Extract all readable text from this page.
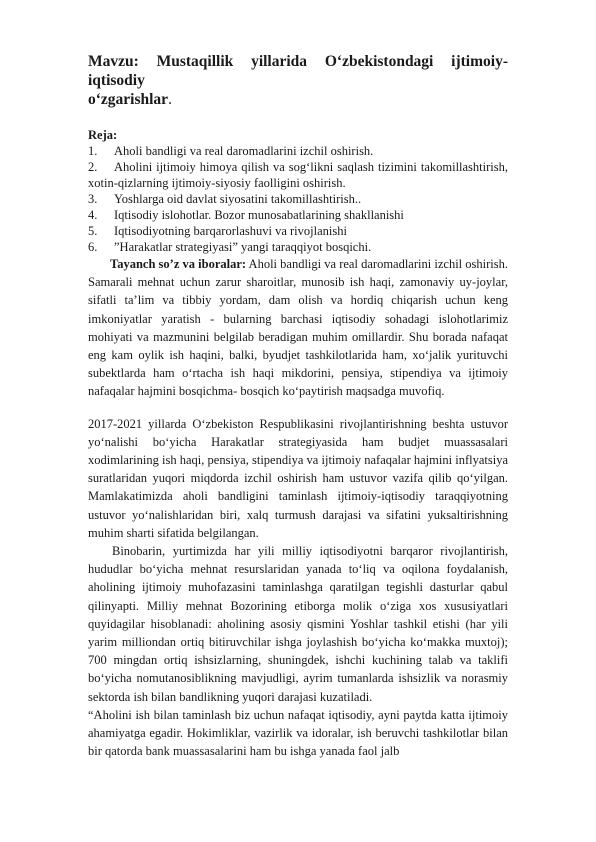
Mavzu: Mustaqillik yillarida O‘zbekistondagi ijtimoiy-iqtisodiy
o‘zgarishlar.

Reja:

1.	Aholi bandligi va real daromadlarini izchil oshirish.
2. Aholini ijtimoiy himoya qilish va sog‘likni saqlash tizimini takomillashtirish, xotin-qizlarning ijtimoiy-siyosiy faolligini oshirish.
3.	Yoshlarga oid davlat siyosatini takomillashtirish..
4.	Iqtisodiy islohotlar. Bozor munosabatlarining shakllanishi
5.	Iqtisodiyotning barqarorlashuvi va rivojlanishi
6.	”Harakatlar strategiyasi” yangi taraqqiyot bosqichi.

Tayanch so’z va iboralar: Aholi bandligi va real daromadlarini izchil oshirish. Samarali mehnat uchun zarur sharoitlar, munosib ish haqi, zamonaviy uy-joylar, sifatli ta’lim va tibbiy yordam, dam olish va hordiq chiqarish uchun keng imkoniyatlar yaratish - bularning barchasi iqtisodiy sohadagi islohotlarimiz mohiyati va mazmunini belgilab beradigan muhim omillardir. Shu borada nafaqat eng kam oylik ish haqini, balki, byudjet tashkilotlarida ham, xo‘jalik yurituvchi subektlarda ham o‘rtacha ish haqi mikdorini, pensiya, stipendiya va ijtimoiy nafaqalar hajmini bosqichma- bosqich ko‘paytirish maqsadga muvofiq.

2017-2021 yillarda O‘zbekiston Respublikasini rivojlantirishning beshta ustuvor yo‘nalishi bo‘yicha Harakatlar strategiyasida ham budjet muassasalari xodimlarining ish haqi, pensiya, stipendiya va ijtimoiy nafaqalar hajmini inflyatsiya suratlaridan yuqori miqdorda izchil oshirish ham ustuvor vazifa qilib qo‘yilgan. Mamlakatimizda aholi bandligini taminlash ijtimoiy-iqtisodiy taraqqiyotning ustuvor yo‘nalishlaridan biri, xalq turmush darajasi va sifatini yuksaltirishning muhim sharti sifatida belgilangan.

Binobarin, yurtimizda har yili milliy iqtisodiyotni barqaror rivojlantirish, hududlar bo‘yicha mehnat resurslaridan yanada to‘liq va oqilona foydalanish, aholining ijtimoiy muhofazasini taminlashga qaratilgan tegishli dasturlar qabul qilinyapti. Milliy mehnat Bozorining etiborga molik o‘ziga xos xususiyatlari quyidagilar hisoblanadi: aholining asosiy qismini Yoshlar tashkil etishi (har yili yarim milliondan ortiq bitiruvchilar ishga joylashish bo‘yicha ko‘makka muxtoj); 700 mingdan ortiq ishsizlarning, shuningdek, ishchi kuchining talab va taklifi bo‘yicha nomutanosiblikning mavjudligi, ayrim tumanlarda ishsizlik va norasmiy sektorda ish bilan bandlikning yuqori darajasi kuzatiladi.

“Aholini ish bilan taminlash biz uchun nafaqat iqtisodiy, ayni paytda katta ijtimoiy ahamiyatga egadir. Hokimliklar, vazirlik va idoralar, ish beruvchi tashkilotlar bilan bir qatorda bank muassasalarini ham bu ishga yanada faol jalb
